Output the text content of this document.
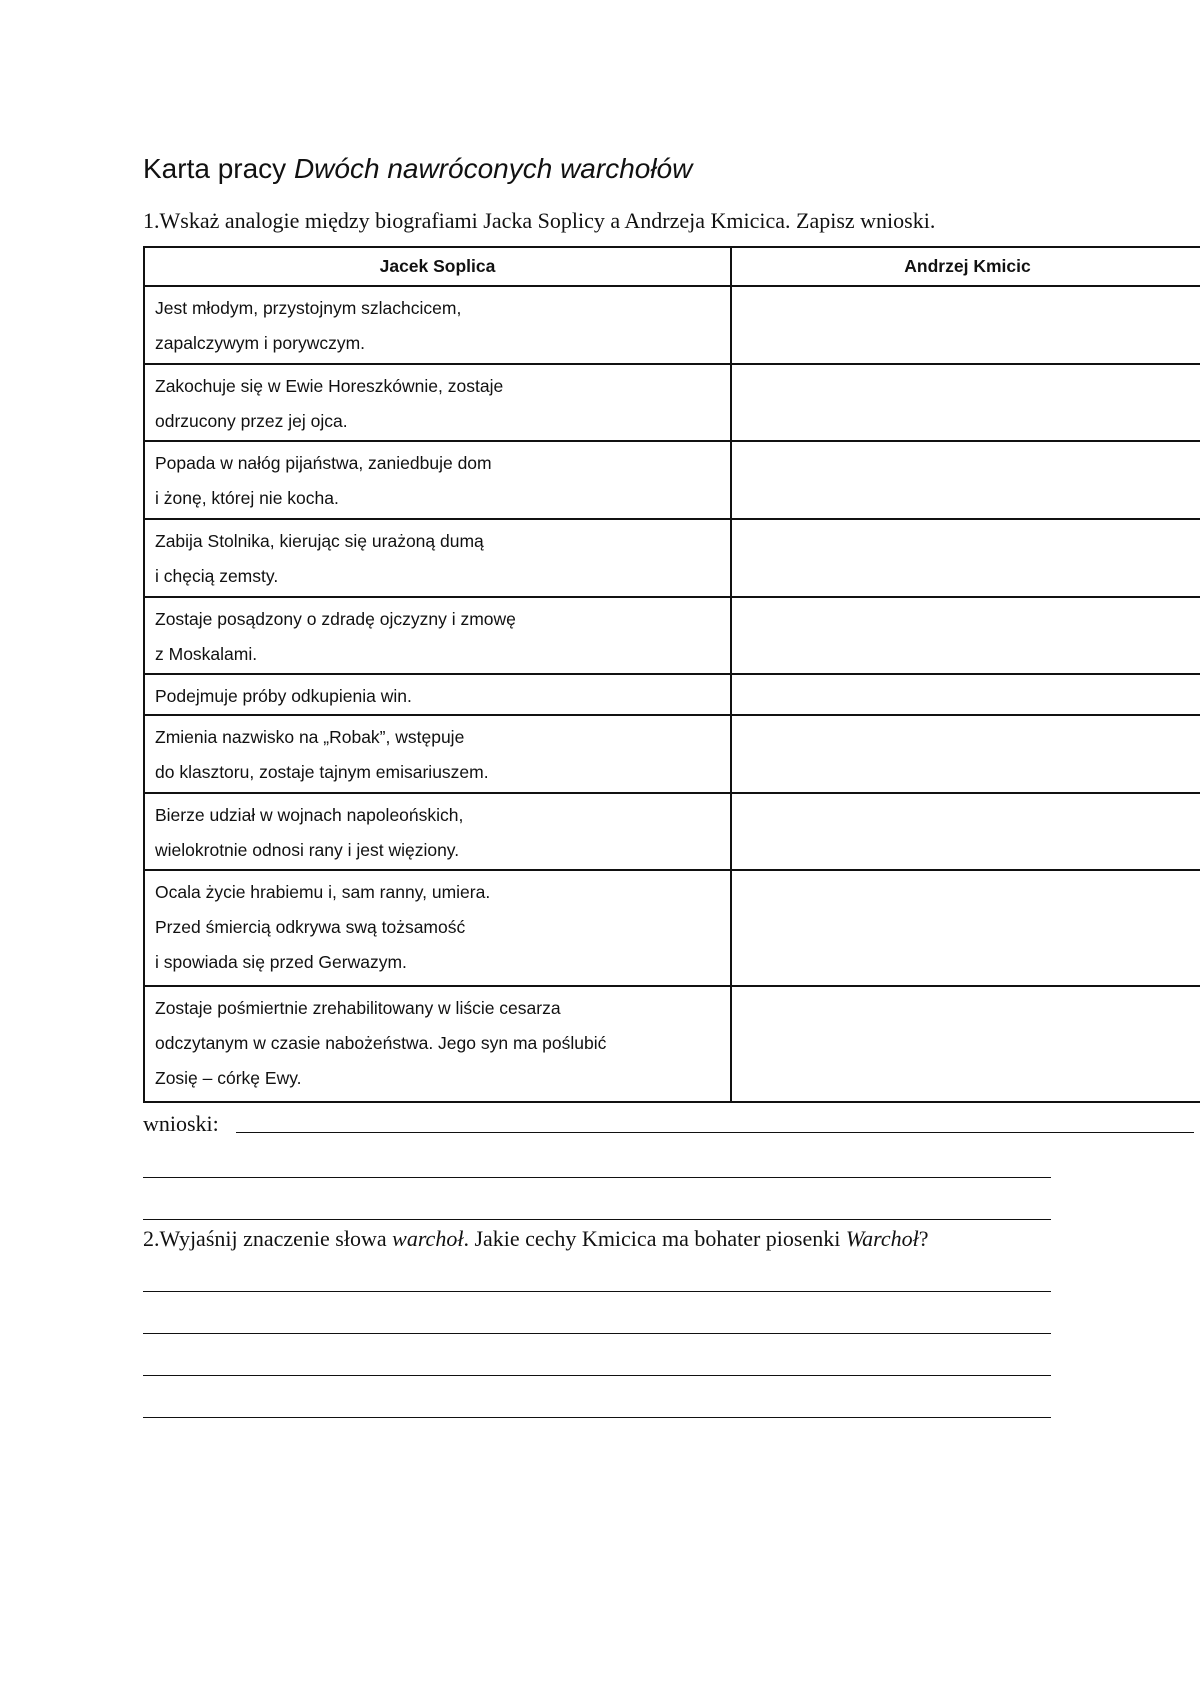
Karta pracy Dwóch nawróconych warchołów
1.Wskaż analogie między biografiami Jacka Soplicy a Andrzeja Kmicica. Zapisz wnioski.
Jacek Soplica	Andrzej Kmicic

Jest młodym, przystojnym szlachcicem,
zapalczywym i porywczym.	

Zakochuje się w Ewie Horeszkównie, zostaje
odrzucony przez jej ojca.	

Popada w nałóg pijaństwa, zaniedbuje dom
i żonę, której nie kocha.	

Zabija Stolnika, kierując się urażoną dumą
i chęcią zemsty.	

Zostaje posądzony o zdradę ojczyzny i zmowę
z Moskalami.	

Podejmuje próby odkupienia win.	

Zmienia nazwisko na „Robak”, wstępuje
do klasztoru, zostaje tajnym emisariuszem.	

Bierze udział w wojnach napoleońskich,
wielokrotnie odnosi rany i jest więziony.	

Ocala życie hrabiemu i, sam ranny, umiera.
Przed śmiercią odkrywa swą tożsamość
i spowiada się przed Gerwazym.	

Zostaje pośmiertnie zrehabilitowany w liście cesarza
odczytanym w czasie nabożeństwa. Jego syn ma poślubić
Zosię – córkę Ewy.	

wnioski:
2.Wyjaśnij znaczenie słowa warchoł. Jakie cechy Kmicica ma bohater piosenki Warchoł?
